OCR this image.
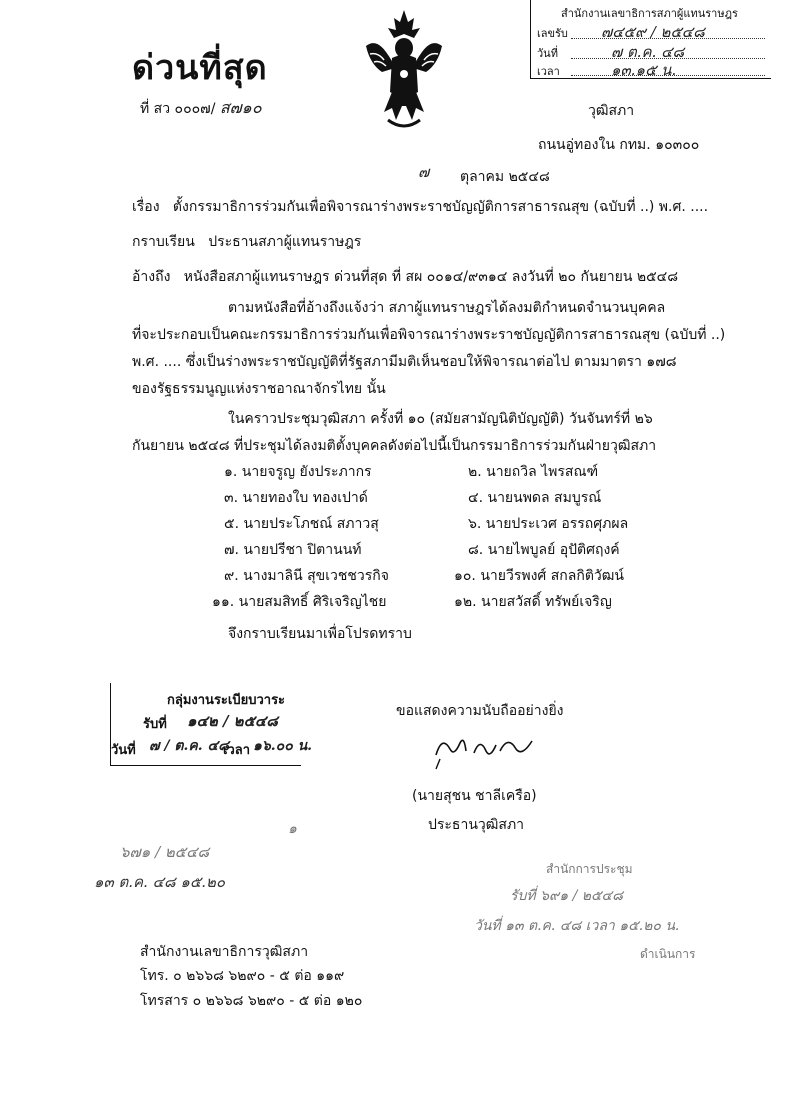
สำนักงานเลขาธิการสภาผู้แทนราษฎร
เลขรับ ๗๔๕๙ / ๒๕๔๘
วันที่	๗ ต.ค. ๔๘
เวลา	๑๓.๑๕ น.
ด่วนที่สุด
ที่ สว ๐๐๐๗/ ส๗๑๐	วุฒิสภา
ถนนอู่ทองใน กทม. ๑๐๓๐๐
๗ ตุลาคม ๒๕๔๘
เรื่อง ตั้งกรรมาธิการร่วมกันเพื่อพิจารณาร่างพระราชบัญญัติการสาธารณสุข (ฉบับที่ ..) พ.ศ. ....
กราบเรียน ประธานสภาผู้แทนราษฎร
อ้างถึง หนังสือสภาผู้แทนราษฎร ด่วนที่สุด ที่ สผ ๐๐๑๔/๙๓๑๔ ลงวันที่ ๒๐ กันยายน ๒๕๔๘
ตามหนังสือที่อ้างถึงแจ้งว่า สภาผู้แทนราษฎรได้ลงมติกำหนดจำนวนบุคคล
ที่จะประกอบเป็นคณะกรรมาธิการร่วมกันเพื่อพิจารณาร่างพระราชบัญญัติการสาธารณสุข (ฉบับที่ ..)
พ.ศ. .... ซึ่งเป็นร่างพระราชบัญญัติที่รัฐสภามีมติเห็นชอบให้พิจารณาต่อไป ตามมาตรา ๑๗๘
ของรัฐธรรมนูญแห่งราชอาณาจักรไทย นั้น
ในคราวประชุมวุฒิสภา ครั้งที่ ๑๐ (สมัยสามัญนิติบัญญัติ) วันจันทร์ที่ ๒๖
กันยายน ๒๕๔๘ ที่ประชุมได้ลงมติตั้งบุคคลดังต่อไปนี้เป็นกรรมาธิการร่วมกันฝ่ายวุฒิสภา
๑. นายจรูญ ยังประภากร	๒. นายถวิล ไพรสณฑ์
๓. นายทองใบ ทองเปาด์	๔. นายนพดล สมบูรณ์
๕. นายประโภชณ์ สภาวสุ	๖. นายประเวศ อรรถศุภผล
๗. นายปรีชา ปิตานนท์	๘. นายไพบูลย์ อุปัติศฤงค์
๙. นางมาลินี สุขเวชชวรกิจ	๑๐. นายวีรพงศ์ สกลกิติวัฒน์
๑๑. นายสมสิทธิ์ ศิริเจริญไชย	๑๒. นายสวัสดิ์ ทรัพย์เจริญ
จึงกราบเรียนมาเพื่อโปรดทราบ
กลุ่มงานระเบียบวาระ
รับที่ ๑๔๒ / ๒๕๔๘
วันที่ ๗ / ต.ค. ๔๘
เวลา ๑๖.๐๐ น.
ขอแสดงความนับถืออย่างยิ่ง
(นายสุชน ชาลีเครือ)
ประธานวุฒิสภา
๑
๖๗๑ / ๒๕๔๘
๑๓ ต.ค. ๔๘ ๑๕.๒๐
สำนักการประชุม
รับที่ ๖๙๑ / ๒๕๔๘
วันที่ ๑๓ ต.ค. ๔๘ เวลา ๑๕.๒๐ น.
ดำเนินการ
สำนักงานเลขาธิการวุฒิสภา
โทร. ๐ ๒๖๖๘ ๖๒๙๐ - ๕ ต่อ ๑๑๙
โทรสาร ๐ ๒๖๖๘ ๖๒๙๐ - ๕ ต่อ ๑๒๐
